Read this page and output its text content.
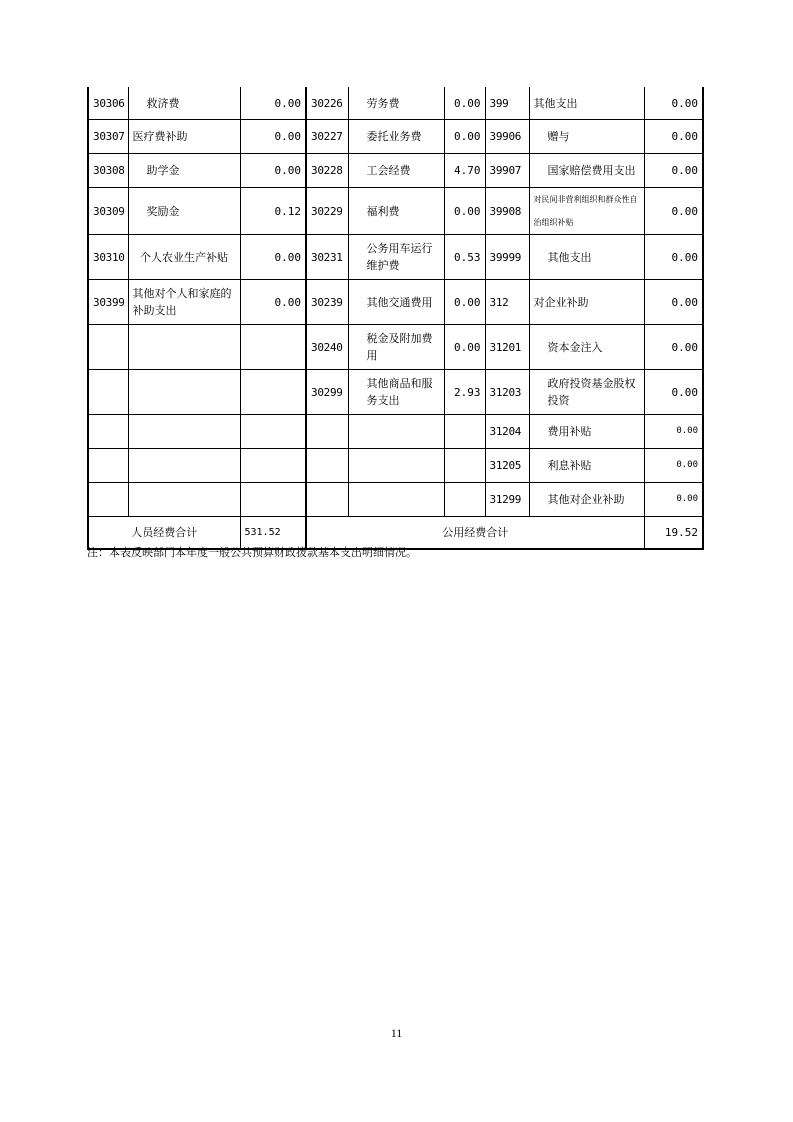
30306	救济费	0.00	30226	劳务费	0.00	399	其他支出	0.00
30307	医疗费补助	0.00	30227	委托业务费	0.00	39906	赠与	0.00
30308	助学金	0.00	30228	工会经费	4.70	39907	国家赔偿费用支出	0.00
30309	奖励金	0.12	30229	福利费	0.00	39908	对民间非营利组织和群众性自治组织补贴	0.00
30310	个人农业生产补贴	0.00	30231	公务用车运行维护费	0.53	39999	其他支出	0.00
30399	其他对个人和家庭的补助支出	0.00	30239	其他交通费用	0.00	312	对企业补助	0.00
			30240	税金及附加费用	0.00	31201	资本金注入	0.00
			30299	其他商品和服务支出	2.93	31203	政府投资基金股权投资	0.00
						31204	费用补贴	0.00
						31205	利息补贴	0.00
						31299	其他对企业补助	0.00
人员经费合计		531.52	公用经费合计					19.52
注：本表反映部门本年度一般公共预算财政拨款基本支出明细情况。
11
